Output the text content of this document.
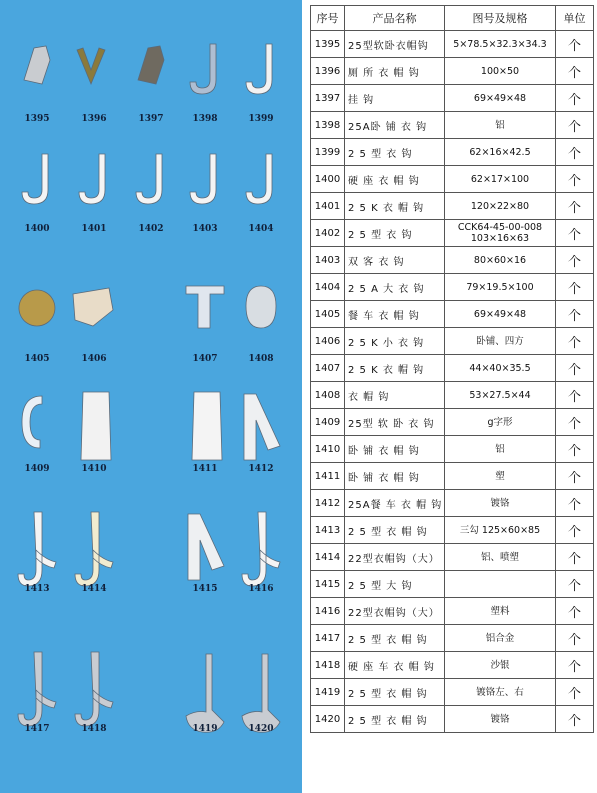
1395	1396	1397	1398	1399
1400	1401	1402	1403	1404
1405	1406	1407	1408
1409	1410	1411	1412
1413	1414	1415	1416
1417	1418	1419	1420
序号	产品名称	图号及规格	单位
1395	25型软卧衣帽钩	5×78.5×32.3×34.3	个
1396	厕 所 衣 帽 钩	100×50	个
1397	挂 钩	69×49×48	个
1398	25A卧 铺 衣 钩	铝	个
1399	2 5 型 衣 钩	62×16×42.5	个
1400	硬 座 衣 帽 钩	62×17×100	个
1401	2 5 K 衣 帽 钩	120×22×80	个
1402	2 5 型 衣 钩	CCK64-45-00-008
103×16×63	个
1403	双 客 衣 钩	80×60×16	个
1404	2 5 A 大 衣 钩	79×19.5×100	个
1405	餐 车 衣 帽 钩	69×49×48	个
1406	2 5 K 小 衣 钩	卧铺、四方	个
1407	2 5 K 衣 帽 钩	44×40×35.5	个
1408	衣 帽 钩	53×27.5×44	个
1409	25型 软 卧 衣 钩	g字形	个
1410	卧 铺 衣 帽 钩	铝	个
1411	卧 铺 衣 帽 钩	塑	个
1412	25A餐 车 衣 帽 钩	镀铬	个
1413	2 5 型 衣 帽 钩	三勾 125×60×85	个
1414	22型衣帽钩（大）	铝、喷塑	个
1415	2 5 型 大 钩		个
1416	22型衣帽钩（大）	塑料	个
1417	2 5 型 衣 帽 钩	铝合金	个
1418	硬 座 车 衣 帽 钩	沙银	个
1419	2 5 型 衣 帽 钩	镀铬左、右	个
1420	2 5 型 衣 帽 钩	镀铬	个
